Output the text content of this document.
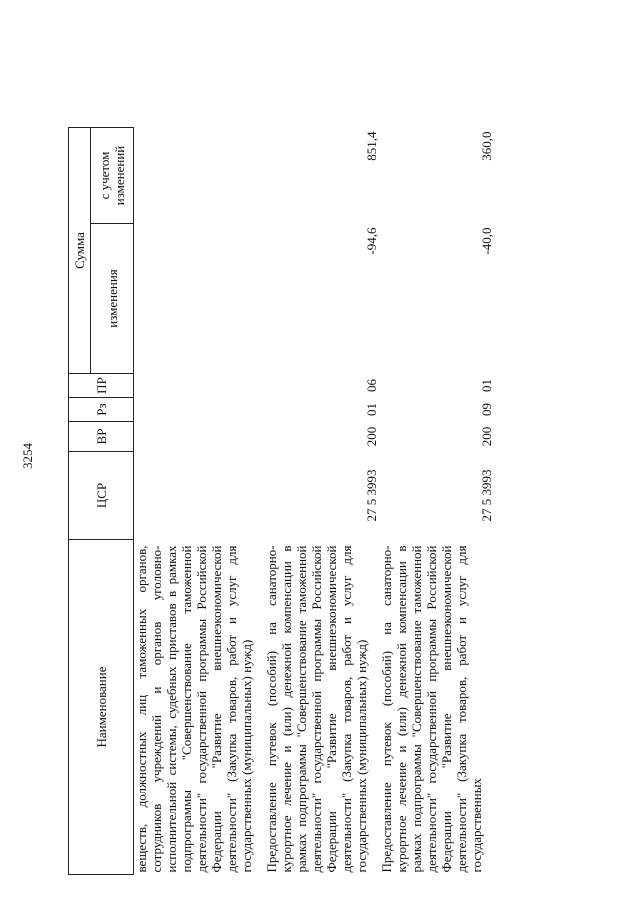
3254
Наименование	ЦСР	ВР	Рз	ПР	Сумма	
					изменения	с учетом изменений

веществ, должностных лиц таможенных органов, сотрудников учреждений и органов уголовно-исполнительной системы, судебных приставов в рамках подпрограммы "Совершенствование таможенной деятельности" государственной программы Российской Федерации "Развитие внешнеэкономической деятельности" (Закупка товаров, работ и услуг для государственных (муниципальных) нужд)						

Предоставление путевок (пособий) на санаторно-курортное лечение и (или) денежной компенсации в рамках подпрограммы "Совершенствование таможенной деятельности" государственной программы Российской Федерации "Развитие внешнеэкономической деятельности" (Закупка товаров, работ и услуг для государственных (муниципальных) нужд)	27 5 3993	200	01	06	-94,6	851,4

Предоставление путевок (пособий) на санаторно-курортное лечение и (или) денежной компенсации в рамках подпрограммы "Совершенствование таможенной деятельности" государственной программы Российской Федерации "Развитие внешнеэкономической деятельности" (Закупка товаров, работ и услуг для государственных	27 5 3993	200	09	01	-40,0	360,0
